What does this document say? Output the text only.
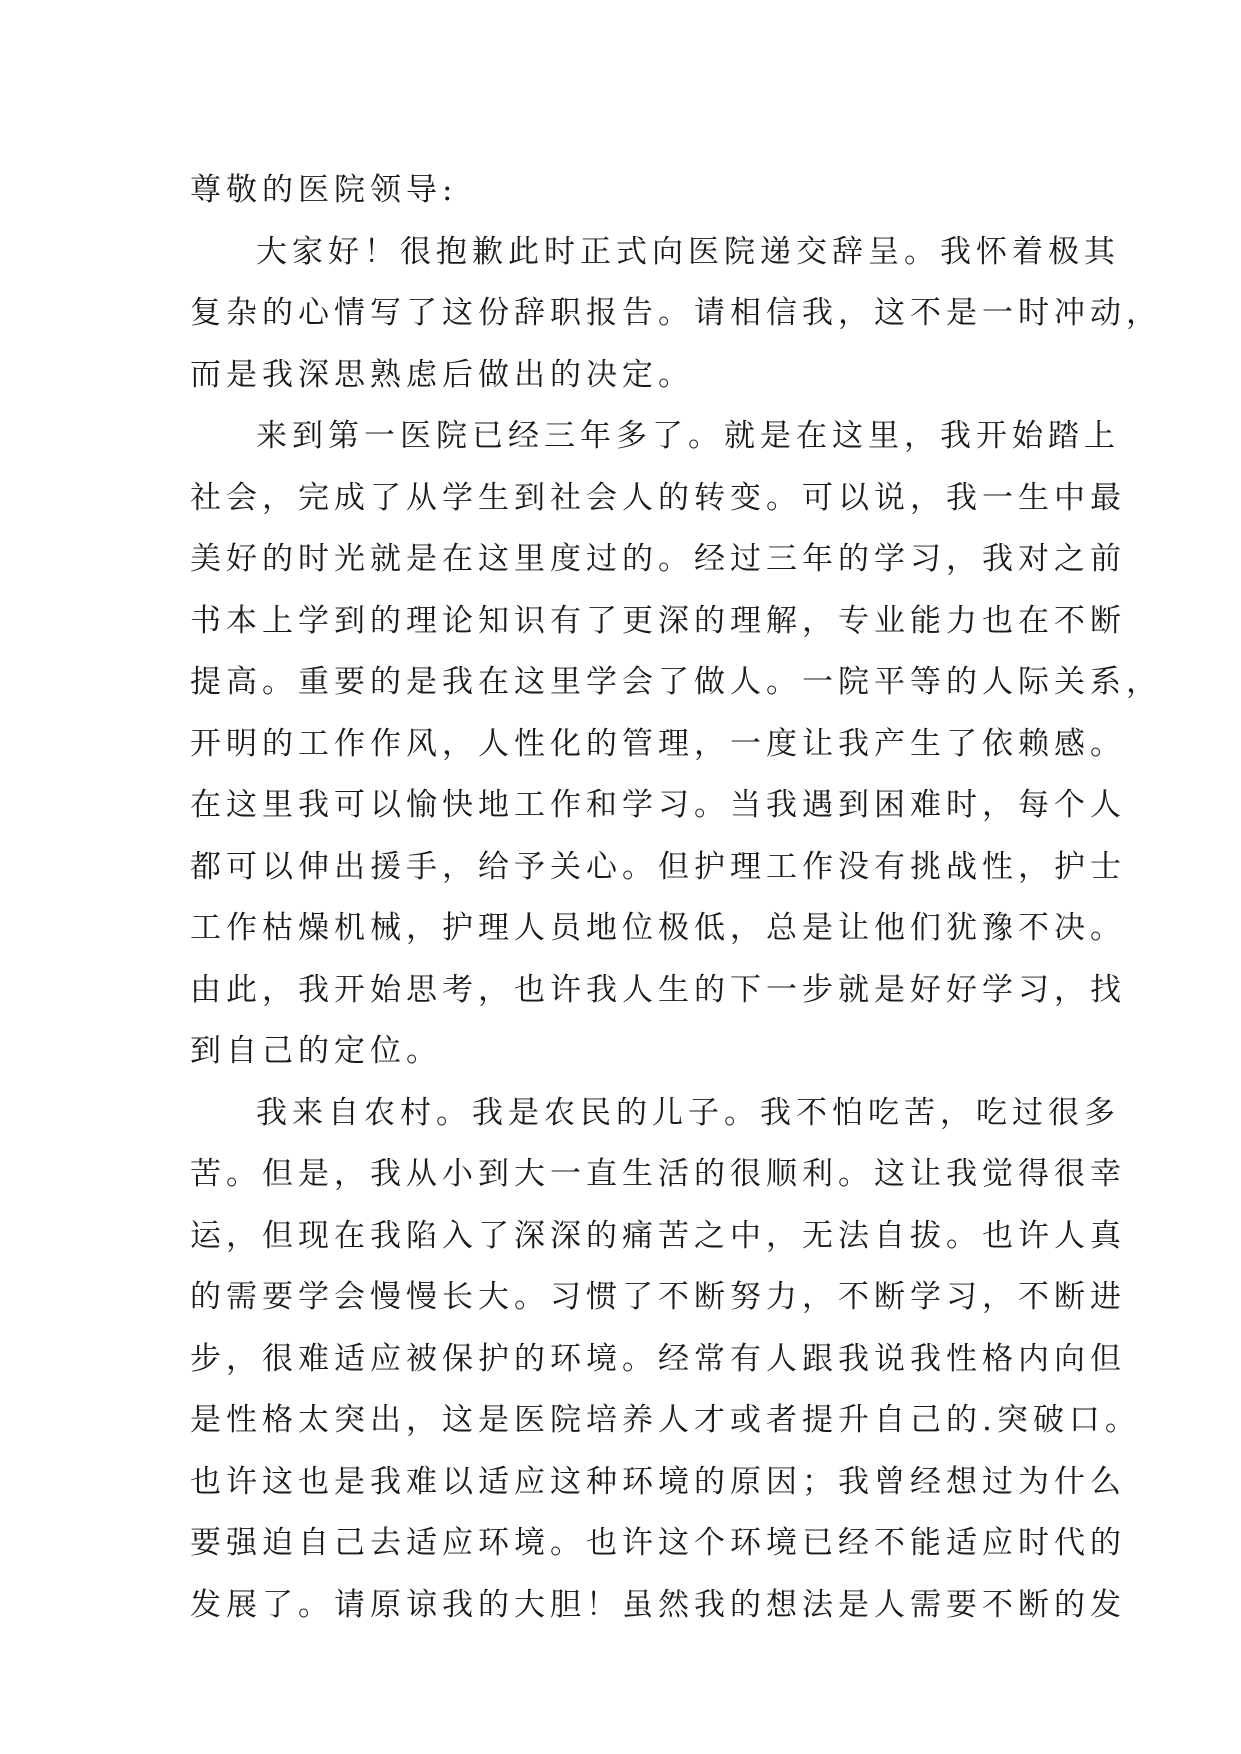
尊敬的医院领导:
大家好！很抱歉此时正式向医院递交辞呈。我怀着极其
复杂的心情写了这份辞职报告。请相信我，这不是一时冲动，
而是我深思熟虑后做出的决定。
来到第一医院已经三年多了。就是在这里，我开始踏上
社会，完成了从学生到社会人的转变。可以说，我一生中最
美好的时光就是在这里度过的。经过三年的学习，我对之前
书本上学到的理论知识有了更深的理解，专业能力也在不断
提高。重要的是我在这里学会了做人。一院平等的人际关系，
开明的工作作风，人性化的管理，一度让我产生了依赖感。
在这里我可以愉快地工作和学习。当我遇到困难时，每个人
都可以伸出援手，给予关心。但护理工作没有挑战性，护士
工作枯燥机械，护理人员地位极低，总是让他们犹豫不决。
由此，我开始思考，也许我人生的下一步就是好好学习，找
到自己的定位。
我来自农村。我是农民的儿子。我不怕吃苦，吃过很多
苦。但是，我从小到大一直生活的很顺利。这让我觉得很幸
运，但现在我陷入了深深的痛苦之中，无法自拔。也许人真
的需要学会慢慢长大。习惯了不断努力，不断学习，不断进
步，很难适应被保护的环境。经常有人跟我说我性格内向但
是性格太突出，这是医院培养人才或者提升自己的.突破口。
也许这也是我难以适应这种环境的原因；我曾经想过为什么
要强迫自己去适应环境。也许这个环境已经不能适应时代的
发展了。请原谅我的大胆！虽然我的想法是人需要不断的发
